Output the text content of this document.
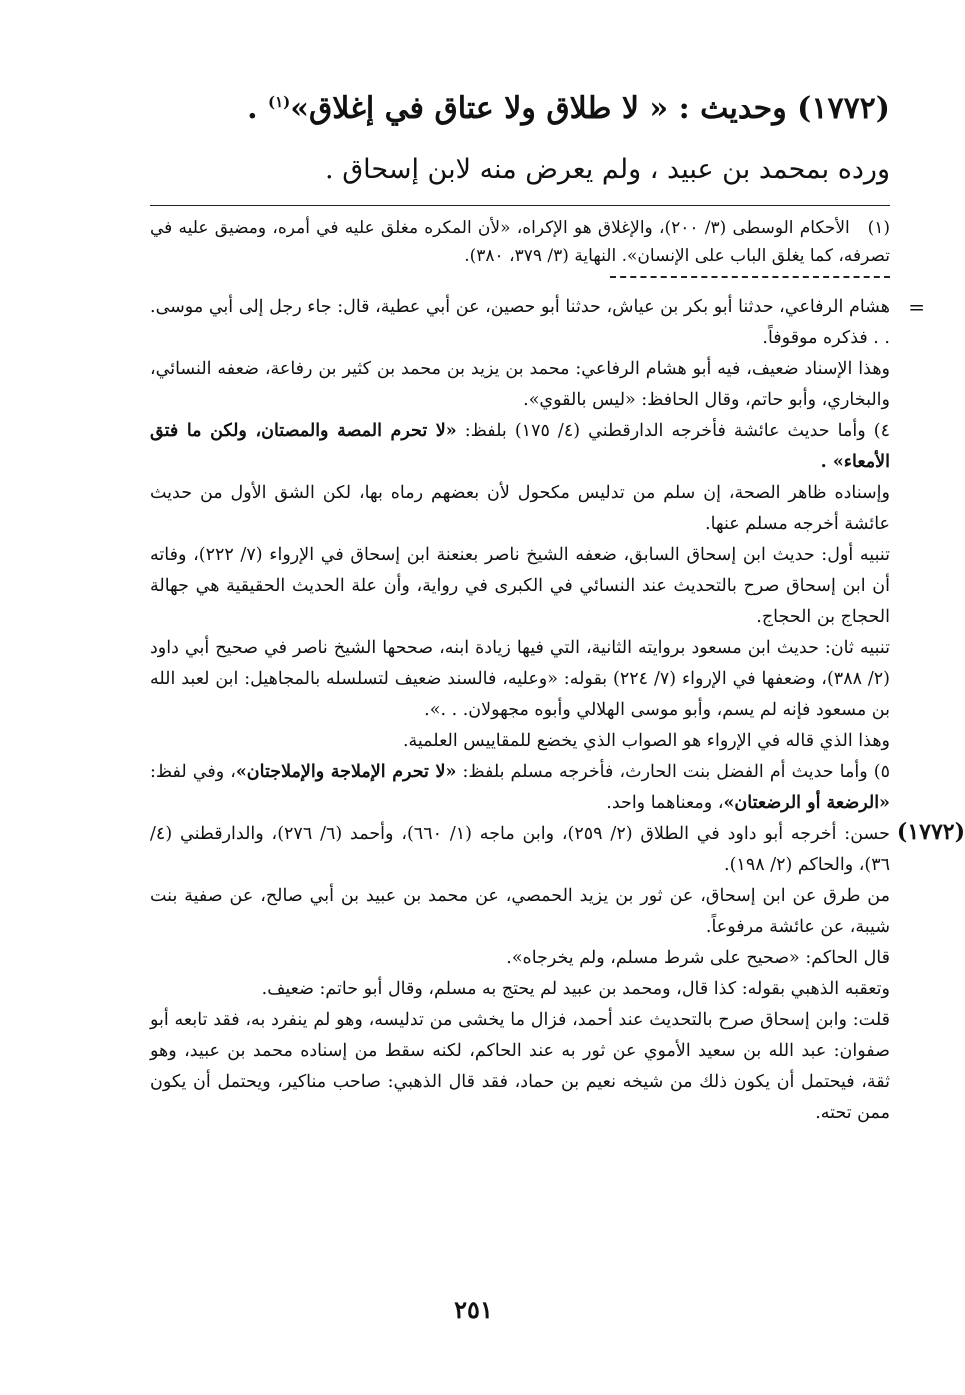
(١٧٧٢) وحديث : « لا طلاق ولا عتاق في إغلاق»$^{(١)}$ .
ورده بمحمد بن عبيد ، ولم يعرض منه لابن إسحاق .
(١) الأحكام الوسطى (٣/ ٢٠٠)، والإغلاق هو الإكراه، «لأن المكره مغلق عليه في أمره، ومضيق عليه في تصرفه، كما يغلق الباب على الإنسان». النهاية (٣/ ٣٧٩، ٣٨٠).
=

هشام الرفاعي، حدثنا أبو بكر بن عياش، حدثنا أبو حصين، عن أبي عطية، قال: جاء رجل إلى أبي موسى. . . فذكره موقوفاً.

وهذا الإسناد ضعيف، فيه أبو هشام الرفاعي: محمد بن يزيد بن محمد بن كثير بن رفاعة، ضعفه النسائي، والبخاري، وأبو حاتم، وقال الحافظ: «ليس بالقوي».

٤) وأما حديث عائشة فأخرجه الدارقطني (٤/ ١٧٥) بلفظ: «لا تحرم المصة والمصتان، ولكن ما فتق الأمعاء» .

وإسناده ظاهر الصحة، إن سلم من تدليس مكحول لأن بعضهم رماه بها، لكن الشق الأول من حديث عائشة أخرجه مسلم عنها.

تنبيه أول: حديث ابن إسحاق السابق، ضعفه الشيخ ناصر بعنعنة ابن إسحاق في الإرواء (٧/ ٢٢٢)، وفاته أن ابن إسحاق صرح بالتحديث عند النسائي في الكبرى في رواية، وأن علة الحديث الحقيقية هي جهالة الحجاج بن الحجاج.

تنبيه ثان: حديث ابن مسعود بروايته الثانية، التي فيها زيادة ابنه، صححها الشيخ ناصر في صحيح أبي داود (٢/ ٣٨٨)، وضعفها في الإرواء (٧/ ٢٢٤) بقوله: «وعليه، فالسند ضعيف لتسلسله بالمجاهيل: ابن لعبد الله بن مسعود فإنه لم يسم، وأبو موسى الهلالي وأبوه مجهولان. . .».

وهذا الذي قاله في الإرواء هو الصواب الذي يخضع للمقاييس العلمية.

٥) وأما حديث أم الفضل بنت الحارث، فأخرجه مسلم بلفظ: «لا تحرم الإملاجة والإملاجتان»، وفي لفظ: «الرضعة أو الرضعتان»، ومعناهما واحد.

(١٧٧٢)

حسن: أخرجه أبو داود في الطلاق (٢/ ٢٥٩)، وابن ماجه (١/ ٦٦٠)، وأحمد (٦/ ٢٧٦)، والدارقطني (٤/ ٣٦)، والحاكم (٢/ ١٩٨).

من طرق عن ابن إسحاق، عن ثور بن يزيد الحمصي، عن محمد بن عبيد بن أبي صالح، عن صفية بنت شيبة، عن عائشة مرفوعاً.

قال الحاكم: «صحيح على شرط مسلم، ولم يخرجاه».

وتعقبه الذهبي بقوله: كذا قال، ومحمد بن عبيد لم يحتج به مسلم، وقال أبو حاتم: ضعيف.

قلت: وابن إسحاق صرح بالتحديث عند أحمد، فزال ما يخشى من تدليسه، وهو لم ينفرد به، فقد تابعه أبو صفوان: عبد الله بن سعيد الأموي عن ثور به عند الحاكم، لكنه سقط من إسناده محمد بن عبيد، وهو ثقة، فيحتمل أن يكون ذلك من شيخه نعيم بن حماد، فقد قال الذهبي: صاحب مناكير، ويحتمل أن يكون ممن تحته.

٢٥١
